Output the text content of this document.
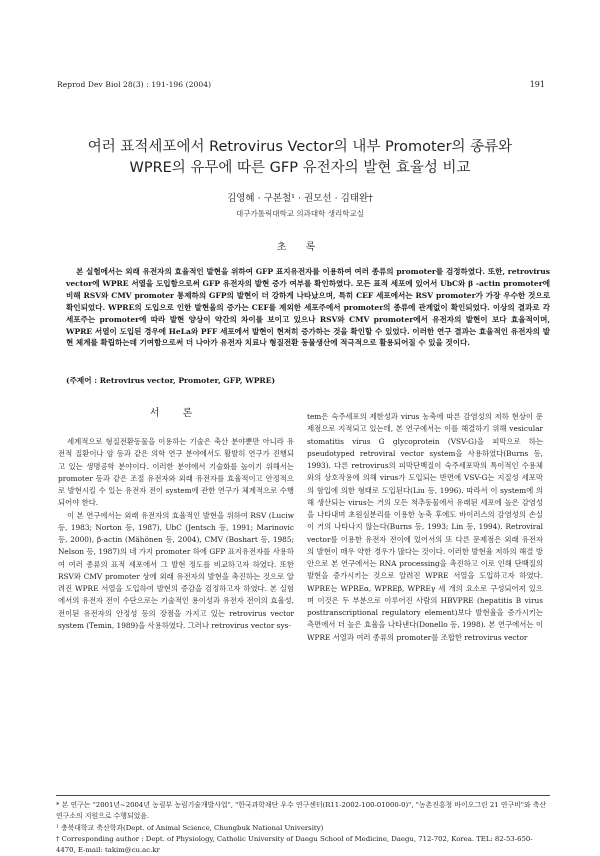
Reprod Dev Biol 28(3) : 191-196 (2004)	191
여러 표적세포에서 Retrovirus Vector의 내부 Promoter의 종류와
WPRE의 유무에 따른 GFP 유전자의 발현 효율성 비교
김영혜 · 구본철¹ · 권모선 · 김태완†
대구가톨릭대학교 의과대학 생리학교실
초 록

본 실험에서는 외래 유전자의 효율적인 발현을 위하여 GFP 표지유전자를 이용하여 여러 종류의 promoter를 검정하였다. 또한, retrovirus vector에 WPRE 서열을 도입함으로써 GFP 유전자의 발현 증가 여부를 확인하였다. 모든 표적 세포에 있어서 UbC와 β -actin promoter에 비해 RSV와 CMV promoter 통제하의 GFP의 발현이 더 강하게 나타났으며, 특히 CEF 세포에서는 RSV promoter가 가장 우수한 것으로 확인되었다. WPRE의 도입으로 인한 발현율의 증가는 CEF를 제외한 세포주에서 promoter의 종류에 관계없이 확인되었다. 이상의 결과로 각 세포주는 promoter에 따라 발현 양상이 약간의 차이를 보이고 있으나 RSV와 CMV promoter에서 유전자의 발현이 보다 효율적이며, WPRE 서열이 도입된 경우에 HeLa와 PFF 세포에서 발현이 현저히 증가하는 것을 확인할 수 있었다. 이러한 연구 결과는 효율적인 유전자의 발현 체계를 확립하는데 기여함으로써 더 나아가 유전자 치료나 형질전환 동물생산에 적극적으로 활용되어질 수 있을 것이다.

(주제어 : Retrovirus vector, Promoter, GFP, WPRE)
서 론

세계적으로 형질전환동물을 이용하는 기술은 축산 분야뿐만 아니라 유전적 질환이나 암 등과 같은 의학 연구 분야에서도 활발히 연구가 진행되고 있는 생명공학 분야이다. 이러한 분야에서 기술화를 높이기 위해서는 promoter 등과 같은 조절 유전자와 외래 유전자를 효율적이고 안정적으로 발현시킬 수 있는 유전자 전이 system에 관한 연구가 체계적으로 수행되어야 한다.

이 본 연구에서는 외래 유전자의 효율적인 발현을 위하여 RSV (Luciw 등, 1983; Norton 등, 1987), UbC (Jentsch 등, 1991; Marinovic 등, 2000), β-actin (Mähönen 등, 2004), CMV (Boshart 등, 1985; Nelson 등, 1987)의 네 가지 promoter 하에 GFP 표지유전자를 사용하여 여러 종류의 표적 세포에서 그 발현 정도를 비교하고자 하였다. 또한 RSV와 CMV promoter 상에 외래 유전자의 발현을 촉진하는 것으로 알려진 WPRE 서열을 도입하여 발현의 증감을 검정하고자 하였다. 본 실험에서의 유전자 전이 수단으로는 기술적인 용이성과 유전자 전이의 효율성, 전이된 유전자의 안정성 등의 장점을 가지고 있는 retrovirus vector system (Temin, 1989)을 사용하였다. 그러나 retrovirus vector sys-

tem은 숙주세포의 제한성과 virus 농축에 따른 감염성의 저하 현상이 문제점으로 지적되고 있는데, 본 연구에서는 이를 해결하기 위해 vesicular stomatitis virus G glycoprotein (VSV-G)을 피막으로 하는 pseudotyped retroviral vector system을 사용하였다(Burns 등, 1993). 다른 retrovirus의 피막단백질이 숙주세포막의 특이적인 수용체와의 상호작용에 의해 virus가 도입되는 반면에 VSV-G는 지질성 세포막의 함입에 의한 형태로 도입된다(Liu 등, 1996). 따라서 이 system에 의해 생산되는 virus는 거의 모든 척추동물에서 유래된 세포에 높은 감염성을 나타내며 초원심분리를 이용한 농축 후에도 바이러스의 감염성의 손실이 거의 나타나지 않는다(Burns 등, 1993; Lin 등, 1994). Retroviral vector를 이용한 유전자 전이에 있어서의 또 다른 문제점은 외래 유전자의 발현이 매우 약한 경우가 많다는 것이다. 이러한 발현율 저하의 해결 방안으로 본 연구에서는 RNA processing을 촉진하고 이로 인해 단백질의 발현을 증가시키는 것으로 알려진 WPRE 서열을 도입하고자 하였다. WPRE는 WPREα, WPREβ, WPREγ 세 개의 요소로 구성되어져 있으며 이것은 두 부분으로 이루어진 사람의 HBVPRE (hepatitis B virus posttranscriptional regulatory element)보다 발현율을 증가시키는 측면에서 더 높은 효율을 나타낸다(Donello 등, 1998). 본 연구에서는 이 WPRE 서열과 여러 종류의 promoter를 조합한 retrovirus vector

* 본 연구는 "2001년~2004년 농림부 농림기술개발사업", "한국과학재단 우수 연구센터(R11-2002-100-01000-0)", "농촌진흥청 바이오그린 21 연구비"와 축산연구소의 지원으로 수행되었음.
¹ 충북대학교 축산학과(Dept. of Animal Science, Chungbuk National University)
† Corresponding author : Dept. of Physiology, Catholic University of Daegu School of Medicine, Daegu, 712-702, Korea. TEL: 82-53-650-4470, E-mail: takim@cu.ac.kr
